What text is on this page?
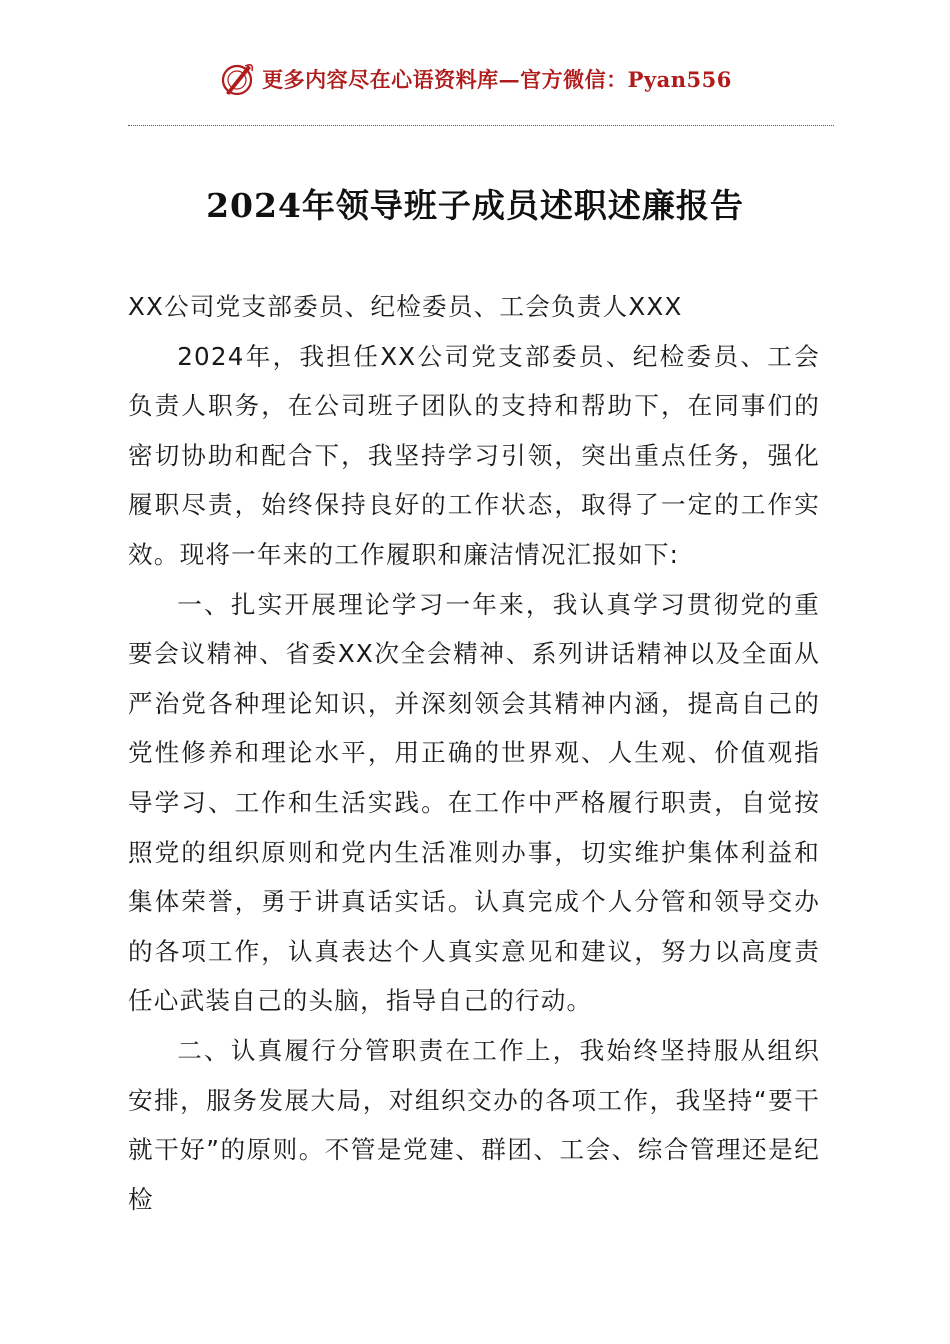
更多内容尽在心语资料库—官方微信：Pyan556
2024年领导班子成员述职述廉报告

XX公司党支部委员、纪检委员、工会负责人XXX

2024年，我担任XX公司党支部委员、纪检委员、工会负责人职务，在公司班子团队的支持和帮助下，在同事们的密切协助和配合下，我坚持学习引领，突出重点任务，强化履职尽责，始终保持良好的工作状态，取得了一定的工作实效。现将一年来的工作履职和廉洁情况汇报如下:

一、扎实开展理论学习一年来，我认真学习贯彻党的重要会议精神、省委XX次全会精神、系列讲话精神以及全面从严治党各种理论知识，并深刻领会其精神内涵，提高自己的党性修养和理论水平，用正确的世界观、人生观、价值观指导学习、工作和生活实践。在工作中严格履行职责，自觉按照党的组织原则和党内生活准则办事，切实维护集体利益和集体荣誉，勇于讲真话实话。认真完成个人分管和领导交办的各项工作，认真表达个人真实意见和建议，努力以高度责任心武装自己的头脑，指导自己的行动。

二、认真履行分管职责在工作上，我始终坚持服从组织安排，服务发展大局，对组织交办的各项工作，我坚持“要干就干好”的原则。不管是党建、群团、工会、综合管理还是纪检
